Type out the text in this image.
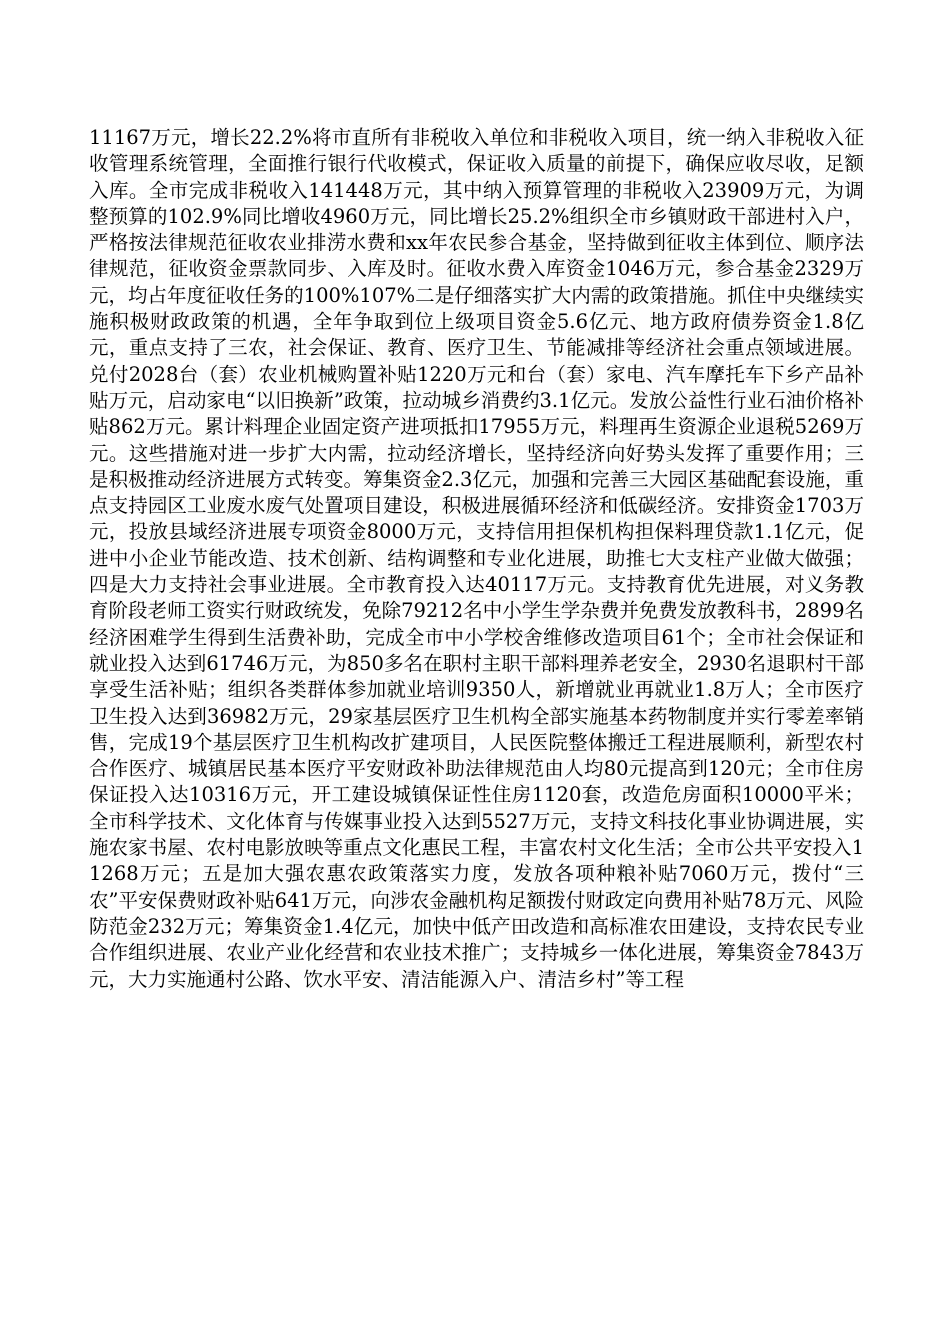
11167万元，增长22.2%将市直所有非税收入单位和非税收入项目，统一纳入非税收入征收管理系统管理，全面推行银行代收模式，保证收入质量的前提下，确保应收尽收，足额入库。全市完成非税收入141448万元，其中纳入预算管理的非税收入23909万元，为调整预算的102.9%同比增收4960万元，同比增长25.2%组织全市乡镇财政干部进村入户，严格按法律规范征收农业排涝水费和xx年农民参合基金，坚持做到征收主体到位、顺序法律规范，征收资金票款同步、入库及时。征收水费入库资金1046万元，参合基金2329万元，均占年度征收任务的100%107%二是仔细落实扩大内需的政策措施。抓住中央继续实施积极财政政策的机遇，全年争取到位上级项目资金5.6亿元、地方政府债券资金1.8亿元，重点支持了三农，社会保证、教育、医疗卫生、节能减排等经济社会重点领域进展。兑付2028台（套）农业机械购置补贴1220万元和台（套）家电、汽车摩托车下乡产品补贴万元，启动家电“以旧换新”政策，拉动城乡消费约3.1亿元。发放公益性行业石油价格补贴862万元。累计料理企业固定资产进项抵扣17955万元，料理再生资源企业退税5269万元。这些措施对进一步扩大内需，拉动经济增长，坚持经济向好势头发挥了重要作用；三是积极推动经济进展方式转变。筹集资金2.3亿元，加强和完善三大园区基础配套设施，重点支持园区工业废水废气处置项目建设，积极进展循环经济和低碳经济。安排资金1703万元，投放县域经济进展专项资金8000万元，支持信用担保机构担保料理贷款1.1亿元，促进中小企业节能改造、技术创新、结构调整和专业化进展，助推七大支柱产业做大做强；四是大力支持社会事业进展。全市教育投入达40117万元。支持教育优先进展，对义务教育阶段老师工资实行财政统发，免除79212名中小学生学杂费并免费发放教科书，2899名经济困难学生得到生活费补助，完成全市中小学校舍维修改造项目61个；全市社会保证和就业投入达到61746万元，为850多名在职村主职干部料理养老安全，2930名退职村干部享受生活补贴；组织各类群体参加就业培训9350人，新增就业再就业1.8万人；全市医疗卫生投入达到36982万元，29家基层医疗卫生机构全部实施基本药物制度并实行零差率销售，完成19个基层医疗卫生机构改扩建项目，人民医院整体搬迁工程进展顺利，新型农村合作医疗、城镇居民基本医疗平安财政补助法律规范由人均80元提高到120元；全市住房保证投入达10316万元，开工建设城镇保证性住房1120套，改造危房面积10000平米；全市科学技术、文化体育与传媒事业投入达到5527万元，支持文科技化事业协调进展，实施农家书屋、农村电影放映等重点文化惠民工程，丰富农村文化生活；全市公共平安投入11268万元；五是加大强农惠农政策落实力度，发放各项种粮补贴7060万元，拨付“三农”平安保费财政补贴641万元，向涉农金融机构足额拨付财政定向费用补贴78万元、风险防范金232万元；筹集资金1.4亿元，加快中低产田改造和高标准农田建设，支持农民专业合作组织进展、农业产业化经营和农业技术推广；支持城乡一体化进展，筹集资金7843万元，大力实施通村公路、饮水平安、清洁能源入户、清洁乡村”等工程
